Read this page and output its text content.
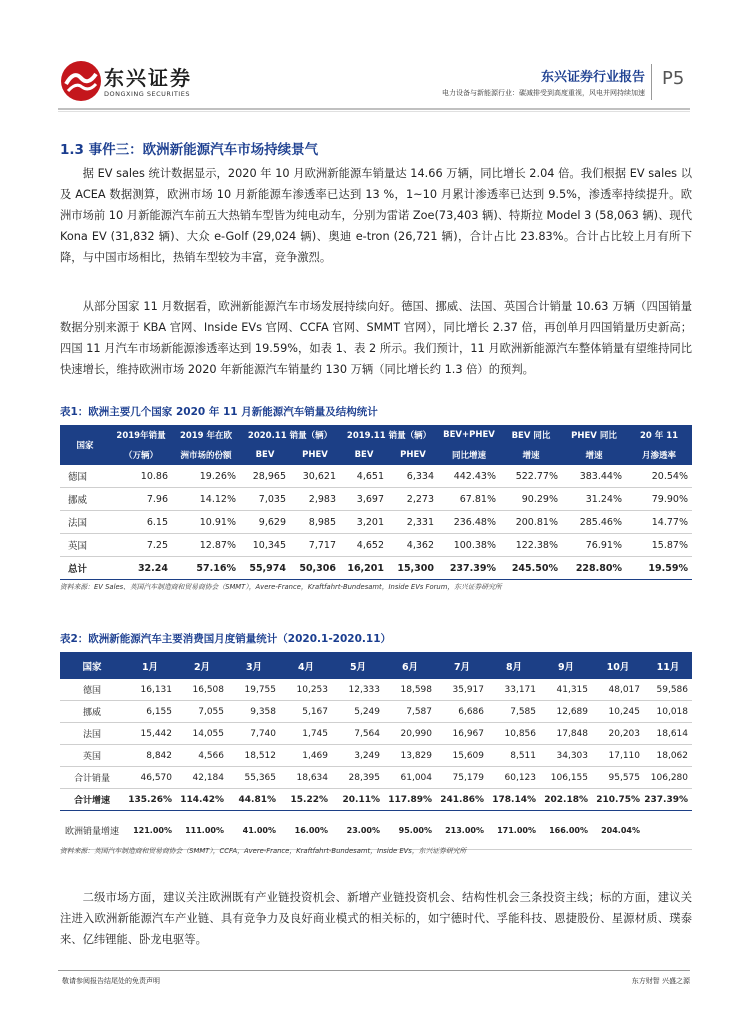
东兴证券
DONGXING SECURITIES
东兴证券行业报告
电力设备与新能源行业：碳减排受到高度重视，风电并网持续加速
P5
1.3 事件三：欧洲新能源汽车市场持续景气
据 EV sales 统计数据显示，2020 年 10 月欧洲新能源车销量达 14.66 万辆，同比增长 2.04 倍。我们根据 EV sales 以及 ACEA 数据测算，欧洲市场 10 月新能源车渗透率已达到 13 %，1~10 月累计渗透率已达到 9.5%，渗透率持续提升。欧洲市场前 10 月新能源汽车前五大热销车型皆为纯电动车，分别为雷诺 Zoe(73,403 辆)、特斯拉 Model 3 (58,063 辆)、现代 Kona EV (31,832 辆)、大众 e-Golf (29,024 辆)、奥迪 e-tron (26,721 辆)，合计占比 23.83%。合计占比较上月有所下降，与中国市场相比，热销车型较为丰富，竞争激烈。
从部分国家 11 月数据看，欧洲新能源汽车市场发展持续向好。德国、挪威、法国、英国合计销量 10.63 万辆（四国销量数据分别来源于 KBA 官网、Inside EVs 官网、CCFA 官网、SMMT 官网），同比增长 2.37 倍，再创单月四国销量历史新高；四国 11 月汽车市场新能源渗透率达到 19.59%，如表 1、表 2 所示。我们预计，11 月欧洲新能源汽车整体销量有望维持同比快速增长，维持欧洲市场 2020 年新能源汽车销量约 130 万辆（同比增长约 1.3 倍）的预判。
表1：欧洲主要几个国家 2020 年 11 月新能源汽车销量及结构统计
国家	2019年销量	2019 年在欧	2020.11 销量（辆）		2019.11 销量（辆）		BEV+PHEV	BEV 同比	PHEV 同比	20 年 11
	（万辆）	洲市场的份额	BEV	PHEV	BEV	PHEV	同比增速	增速	增速	月渗透率
德国	10.86	19.26%	28,965	30,621	4,651	6,334	442.43%	522.77%	383.44%	20.54%
挪威	7.96	14.12%	7,035	2,983	3,697	2,273	67.81%	90.29%	31.24%	79.90%
法国	6.15	10.91%	9,629	8,985	3,201	2,331	236.48%	200.81%	285.46%	14.77%
英国	7.25	12.87%	10,345	7,717	4,652	4,362	100.38%	122.38%	76.91%	15.87%
总计	32.24	57.16%	55,974	50,306	16,201	15,300	237.39%	245.50%	228.80%	19.59%
资料来源：EV Sales、英国汽车制造商和贸易商协会（SMMT），Avere-France，Kraftfahrt-Bundesamt，Inside EVs Forum，东兴证券研究所
表2：欧洲新能源汽车主要消费国月度销量统计（2020.1-2020.11）
国家	1月	2月	3月	4月	5月	6月	7月	8月	9月	10月	11月
德国	16,131	16,508	19,755	10,253	12,333	18,598	35,917	33,171	41,315	48,017	59,586
挪威	6,155	7,055	9,358	5,167	5,249	7,587	6,686	7,585	12,689	10,245	10,018
法国	15,442	14,055	7,740	1,745	7,564	20,990	16,967	10,856	17,848	20,203	18,614
英国	8,842	4,566	18,512	1,469	3,249	13,829	15,609	8,511	34,303	17,110	18,062
合计销量	46,570	42,184	55,365	18,634	28,395	61,004	75,179	60,123	106,155	95,575	106,280
合计增速	135.26%	114.42%	44.81%	15.22%	20.11%	117.89%	241.86%	178.14%	202.18%	210.75%	237.39%
欧洲销量增速	121.00%	111.00%	41.00%	16.00%	23.00%	95.00%	213.00%	171.00%	166.00%	204.04%	
资料来源：英国汽车制造商和贸易商协会（SMMT），CCFA，Avere-France，Kraftfahrt-Bundesamt，Inside EVs，东兴证券研究所
二级市场方面，建议关注欧洲既有产业链投资机会、新增产业链投资机会、结构性机会三条投资主线；标的方面，建议关注进入欧洲新能源汽车产业链、具有竞争力及良好商业模式的相关标的，如宁德时代、孚能科技、恩捷股份、星源材质、璞泰来、亿纬锂能、卧龙电驱等。
敬请参阅报告结尾处的免责声明	东方财智 兴盛之源
